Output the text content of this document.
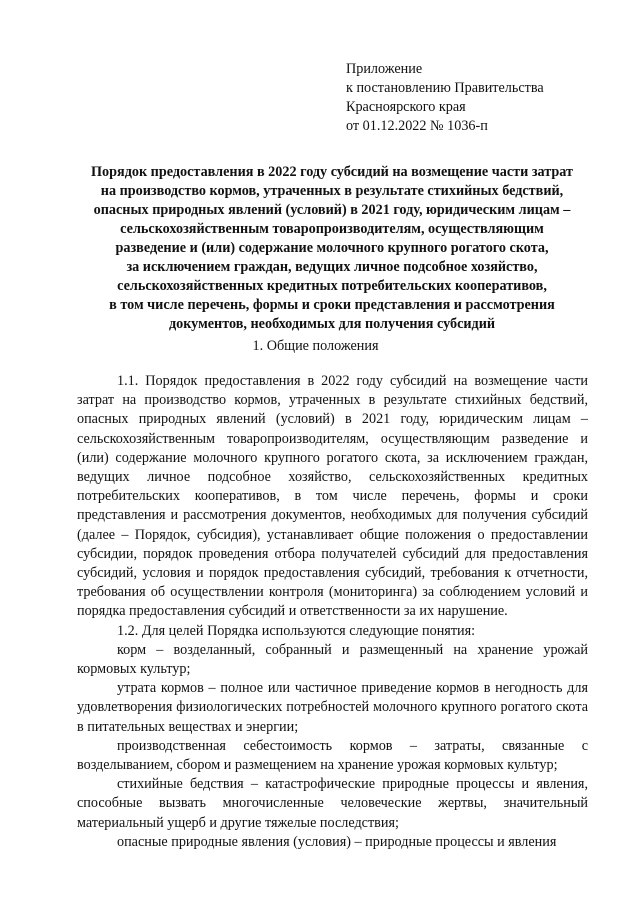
Приложение
к постановлению Правительства
Красноярского края
от 01.12.2022 № 1036-п
Порядок предоставления в 2022 году субсидий на возмещение части затрат
на производство кормов, утраченных в результате стихийных бедствий,
опасных природных явлений (условий) в 2021 году, юридическим лицам –
сельскохозяйственным товаропроизводителям, осуществляющим
разведение и (или) содержание молочного крупного рогатого скота,
за исключением граждан, ведущих личное подсобное хозяйство,
сельскохозяйственных кредитных потребительских кооперативов,
в том числе перечень, формы и сроки представления и рассмотрения
документов, необходимых для получения субсидий
1. Общие положения

1.1. Порядок предоставления в 2022 году субсидий на возмещение части затрат на производство кормов, утраченных в результате стихийных бедствий, опасных природных явлений (условий) в 2021 году, юридическим лицам – сельскохозяйственным товаропроизводителям, осуществляющим разведение и (или) содержание молочного крупного рогатого скота, за исключением граждан, ведущих личное подсобное хозяйство, сельскохозяйственных кредитных потребительских кооперативов, в том числе перечень, формы и сроки представления и рассмотрения документов, необходимых для получения субсидий (далее – Порядок, субсидия), устанавливает общие положения о предоставлении субсидии, порядок проведения отбора получателей субсидий для предоставления субсидий, условия и порядок предоставления субсидий, требования к отчетности, требования об осуществлении контроля (мониторинга) за соблюдением условий и порядка предоставления субсидий и ответственности за их нарушение.

1.2. Для целей Порядка используются следующие понятия:

корм – возделанный, собранный и размещенный на хранение урожай кормовых культур;

утрата кормов – полное или частичное приведение кормов в негодность для удовлетворения физиологических потребностей молочного крупного рогатого скота в питательных веществах и энергии;

производственная себестоимость кормов – затраты, связанные с возделыванием, сбором и размещением на хранение урожая кормовых культур;

стихийные бедствия – катастрофические природные процессы и явления, способные вызвать многочисленные человеческие жертвы, значительный материальный ущерб и другие тяжелые последствия;

опасные природные явления (условия) – природные процессы и явления
